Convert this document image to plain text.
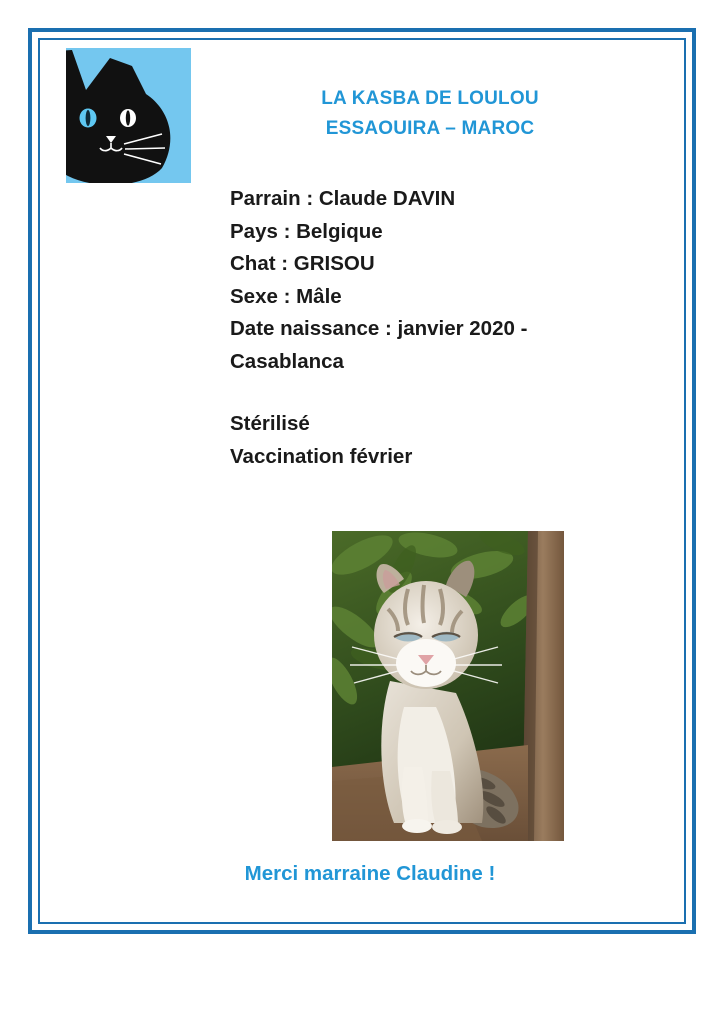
LA KASBA DE LOULOU
ESSAOUIRA – MAROC
Parrain : Claude DAVIN
Pays : Belgique
Chat : GRISOU
Sexe : Mâle
Date naissance : janvier 2020 -
Casablanca
Stérilisé
Vaccination février
Merci marraine Claudine !
